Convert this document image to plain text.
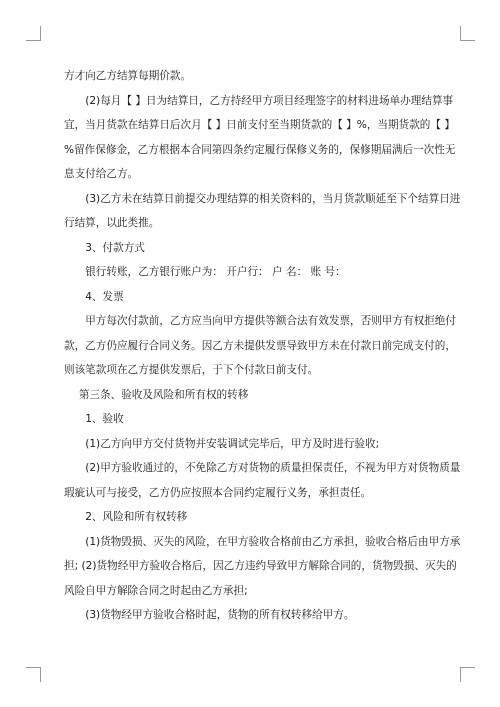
方才向乙方结算每期价款。

(2)每月【 】日为结算日，乙方持经甲方项目经理签字的材料进场单办理结算事
宜，当月货款在结算日后次月【 】日前支付至当期货款的【 】%，当期货款的【 】
%留作保修金，乙方根据本合同第四条约定履行保修义务的，保修期届满后一次性无
息支付给乙方。

(3)乙方未在结算日前提交办理结算的相关资料的，当月货款顺延至下个结算日进
行结算，以此类推。

3、付款方式

银行转账，乙方银行账户为： 开户行： 户 名： 账 号：

4、发票

甲方每次付款前，乙方应当向甲方提供等额合法有效发票，否则甲方有权拒绝付
款，乙方仍应履行合同义务。因乙方未提供发票导致甲方未在付款日前完成支付的，
则该笔款项在乙方提供发票后，于下个付款日前支付。

第三条、验收及风险和所有权的转移

1、验收

(1)乙方向甲方交付货物并安装调试完毕后，甲方及时进行验收;

(2)甲方验收通过的，不免除乙方对货物的质量担保责任，不视为甲方对货物质量
瑕疵认可与接受，乙方仍应按照本合同约定履行义务，承担责任。

2、风险和所有权转移

(1)货物毁损、灭失的风险，在甲方验收合格前由乙方承担，验收合格后由甲方承
担; (2)货物经甲方验收合格后，因乙方违约导致甲方解除合同的，货物毁损、灭失的
风险自甲方解除合同之时起由乙方承担;

(3)货物经甲方验收合格时起，货物的所有权转移给甲方。
